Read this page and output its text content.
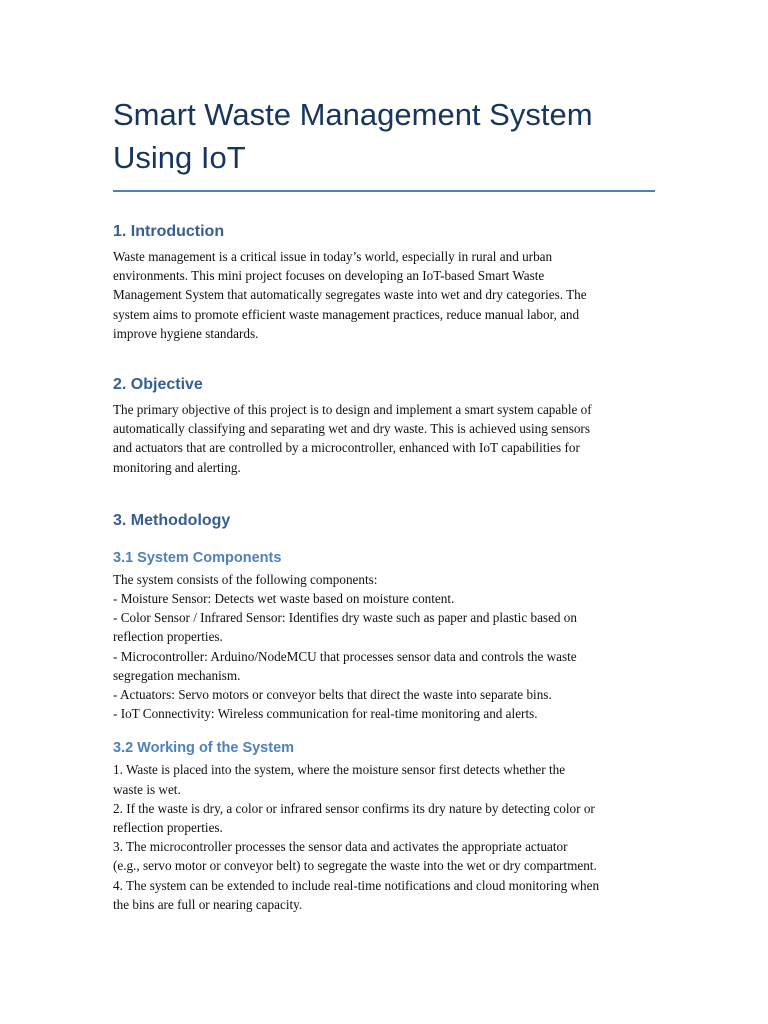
Smart Waste Management System
Using IoT
1. Introduction

Waste management is a critical issue in today’s world, especially in rural and urban
environments. This mini project focuses on developing an IoT-based Smart Waste
Management System that automatically segregates waste into wet and dry categories. The
system aims to promote efficient waste management practices, reduce manual labor, and
improve hygiene standards.

2. Objective

The primary objective of this project is to design and implement a smart system capable of
automatically classifying and separating wet and dry waste. This is achieved using sensors
and actuators that are controlled by a microcontroller, enhanced with IoT capabilities for
monitoring and alerting.

3. Methodology
3.1 System Components

The system consists of the following components:
- Moisture Sensor: Detects wet waste based on moisture content.
- Color Sensor / Infrared Sensor: Identifies dry waste such as paper and plastic based on
reflection properties.
- Microcontroller: Arduino/NodeMCU that processes sensor data and controls the waste
segregation mechanism.
- Actuators: Servo motors or conveyor belts that direct the waste into separate bins.
- IoT Connectivity: Wireless communication for real-time monitoring and alerts.

3.2 Working of the System

1. Waste is placed into the system, where the moisture sensor first detects whether the
waste is wet.
2. If the waste is dry, a color or infrared sensor confirms its dry nature by detecting color or
reflection properties.
3. The microcontroller processes the sensor data and activates the appropriate actuator
(e.g., servo motor or conveyor belt) to segregate the waste into the wet or dry compartment.
4. The system can be extended to include real-time notifications and cloud monitoring when
the bins are full or nearing capacity.
